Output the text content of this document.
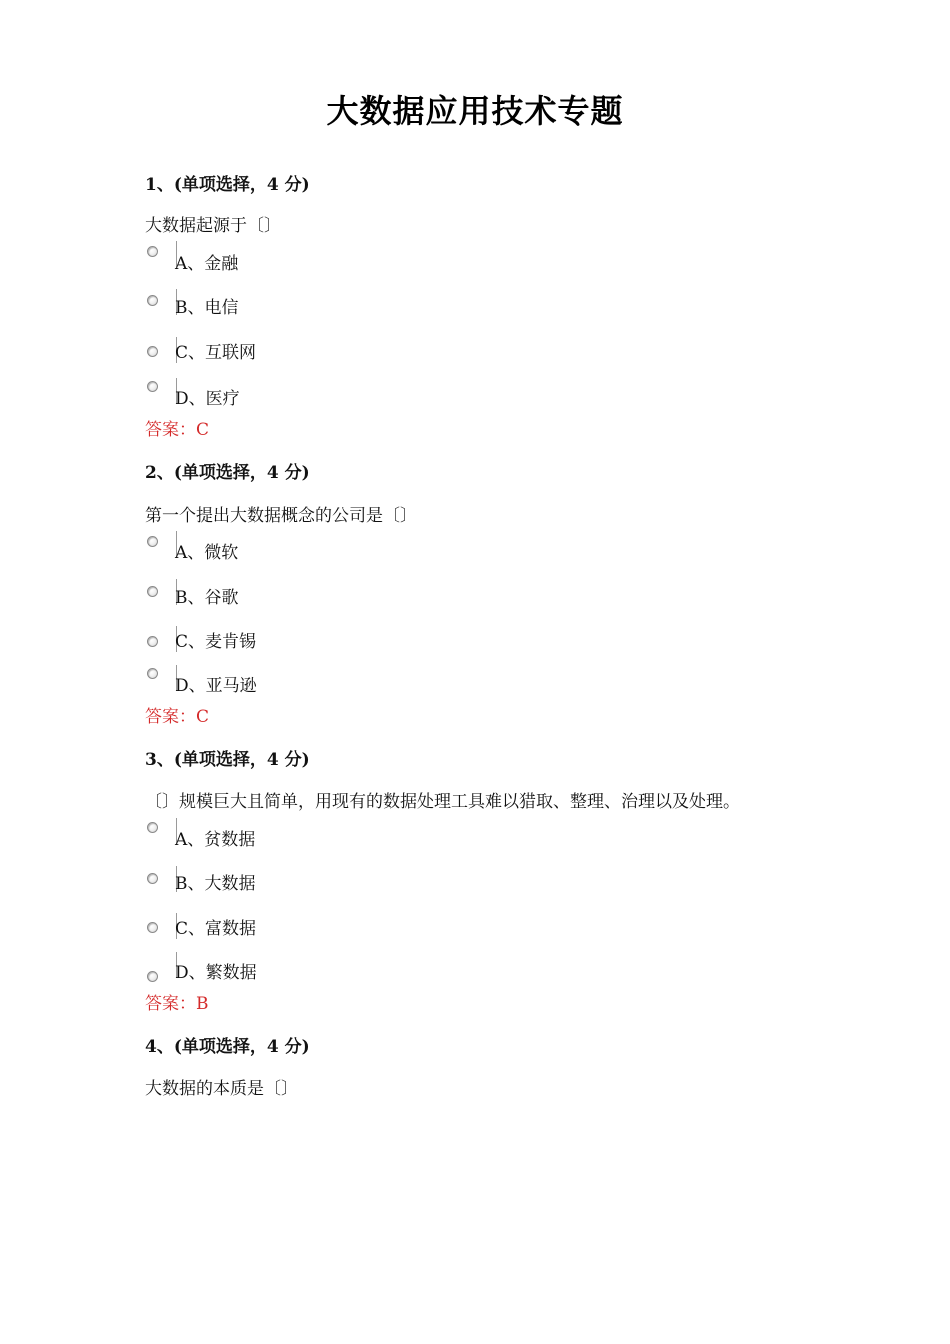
大数据应用技术专题
1、(单项选择，4 分)
大数据起源于〔〕
A、金融
B、电信
C、互联网
D、医疗
答案：C
2、(单项选择，4 分)
第一个提出大数据概念的公司是〔〕
A、微软
B、谷歌
C、麦肯锡
D、亚马逊
答案：C
3、(单项选择，4 分)
〔〕规模巨大且简单，用现有的数据处理工具难以猎取、整理、治理以及处理。
A、贫数据
B、大数据
C、富数据
D、繁数据
答案：B
4、(单项选择，4 分)
大数据的本质是〔〕
